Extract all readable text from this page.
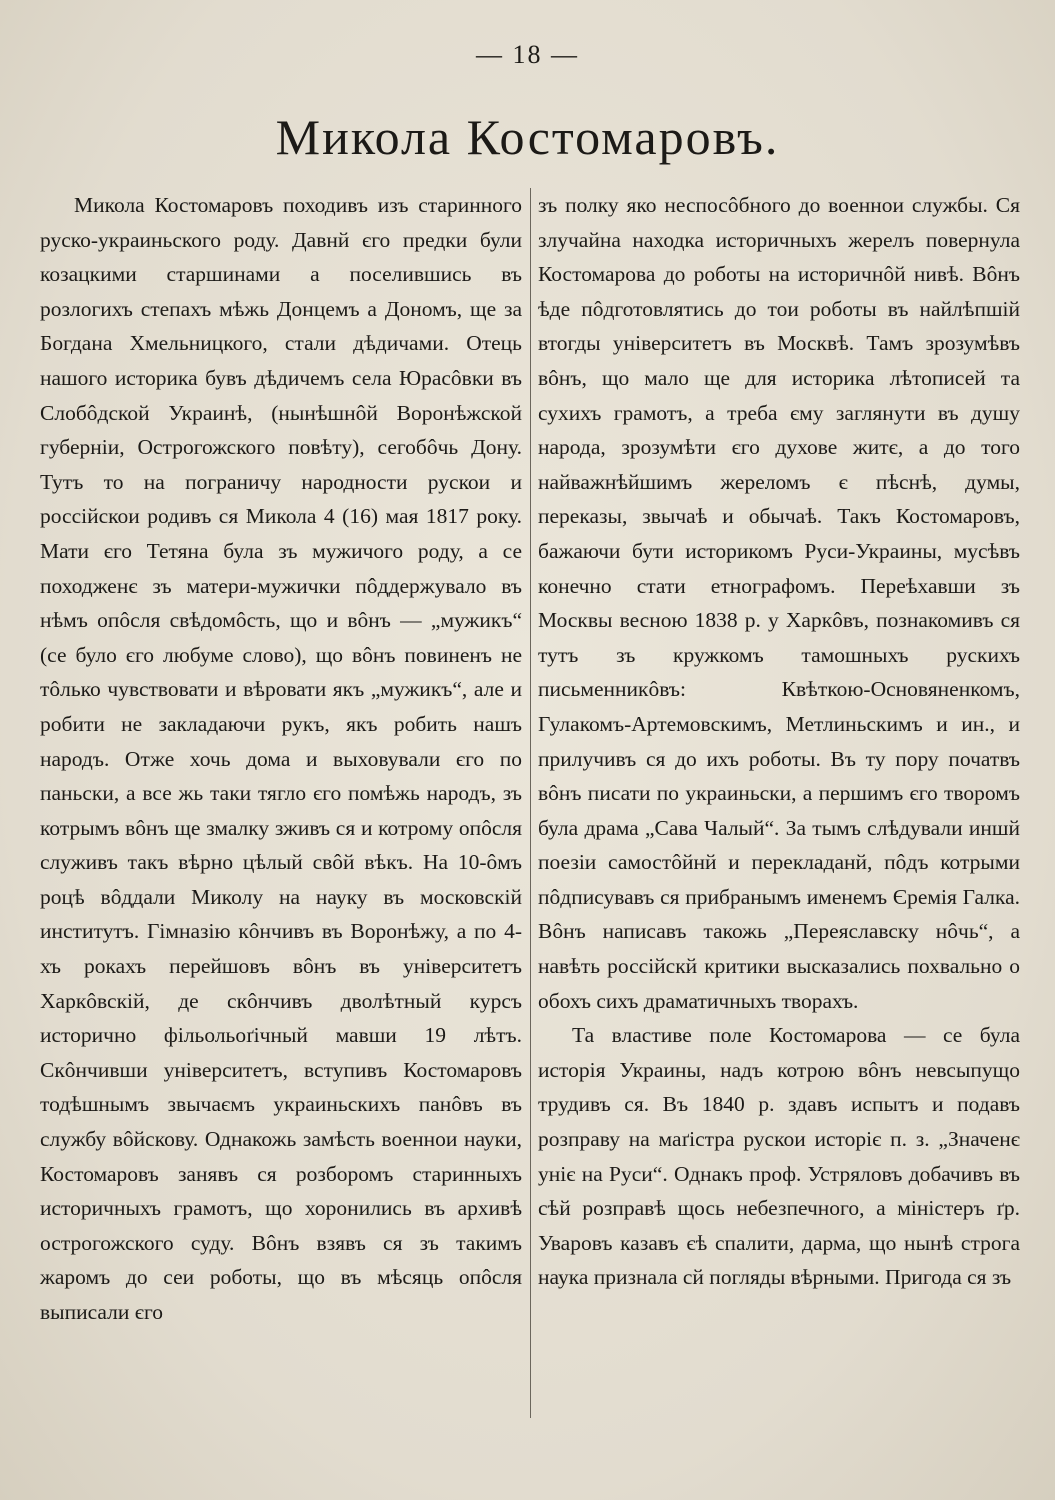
— 18 —
Микола Костомаровъ.

Микола Костомаровъ походивъ изъ старинного руско-украиньского роду. Давнй єго предки були козацкими старшинами а поселившись въ розлогихъ степахъ мѣжь Донцемъ а Дономъ, ще за Богдана Хмельницкого, стали дѣдичами. Отець нашого историка бувъ дѣдичемъ села Юрасôвки въ Слобôдской Украинѣ, (нынѣшнôй Воронѣжской губерніи, Острогожского повѣту), сегобôчь Дону. Тутъ то на пограничу народности рускои и россійскои родивъ ся Микола 4 (16) мая 1817 року. Мати єго Тетяна була зъ мужичого роду, а се походженє зъ матери-мужички пôддержувало въ нѣмъ опôсля свѣдомôсть, що и вôнъ — „мужикъ“ (се було єго любуме слово), що вôнъ повиненъ не тôлько чувствовати и вѣровати якъ „мужикъ“, але и робити не закладаючи рукъ, якъ робить нашъ народъ. Отже хочь дома и выховували єго по паньски, а все жь таки тягло єго помѣжь народъ, зъ котрымъ вôнъ ще змалку зживъ ся и котрому опôсля служивъ такъ вѣрно цѣлый свôй вѣкъ. На 10-ôмъ роцѣ вôддали Миколу на науку въ московскій институтъ. Гімназію кôнчивъ въ Воронѣжу, а по 4-хъ рокахъ перейшовъ вôнъ въ університетъ Харкôвскій, де скôнчивъ дволѣтный курсъ историчнo фільольоґічный мавши 19 лѣтъ. Скôнчивши університетъ, вступивъ Костомаровъ тодѣшнымъ звычаємъ украиньскихъ панôвъ въ службу вôйскову. Однакожь замѣсть военнои науки, Костомаровъ занявъ ся розборомъ старинныхъ историчныхъ грамотъ, що хоронились въ архивѣ острогожского суду. Вôнъ взявъ ся зъ такимъ жаромъ до сеи роботы, що въ мѣсяць опôсля выписали єго

зъ полку яко неспосôбного до военнои службы. Ся злучайна находка историчныхъ жерелъ повернула Костомарова до роботы на историчнôй нивѣ. Вôнъ ѣде пôдготовлятись до тои роботы въ найлѣпшій втогды університетъ въ Москвѣ. Тамъ зрозумѣвъ вôнъ, що мало ще для историка лѣтописей та сухихъ грамотъ, а треба єму заглянути въ душу народа, зрозумѣти єго духове житє, а до того найважнѣйшимъ жереломъ є пѣснѣ, думы, переказы, звычаѣ и обычаѣ. Такъ Костомаровъ, бажаючи бути историкомъ Руси-Украины, мусѣвъ конечно стати етнографомъ. Переѣхавши зъ Москвы весною 1838 р. у Харкôвъ, познакомивъ ся тутъ зъ кружкомъ тамошныхъ рускихъ письменникôвъ: Квѣткою-Основяненкомъ, Гулакомъ-Артемовскимъ, Метлиньскимъ и ин., и прилучивъ ся до ихъ роботы. Въ ту пору початвъ вôнъ писати по украиньски, а першимъ єго творомъ була драма „Сава Чалый“. За тымъ слѣдували иншй поезіи самостôйнй и перекладанй, пôдъ котрыми пôдписувавъ ся прибранымъ именемъ Єремія Галка. Вôнъ написавъ такожь „Переяславску нôчь“, а навѣть россійскй критики высказались похвально о обохъ сихъ драматичныхъ творахъ.

Та властиве поле Костомарова — се була исторія Украины, надъ котрою вôнъ невсыпущо трудивъ ся. Въ 1840 р. здавъ испытъ и подавъ розправу на маґістра рускои исторіє п. з. „Значенє уніє на Руси“. Однакъ проф. Устряловъ добачивъ въ сѣй розправѣ щось небезпечного, а міністеръ ґр. Уваровъ казавъ єѣ спалити, дарма, що нынѣ строга наука признала сй погляды вѣрными. Пригода ся зъ
